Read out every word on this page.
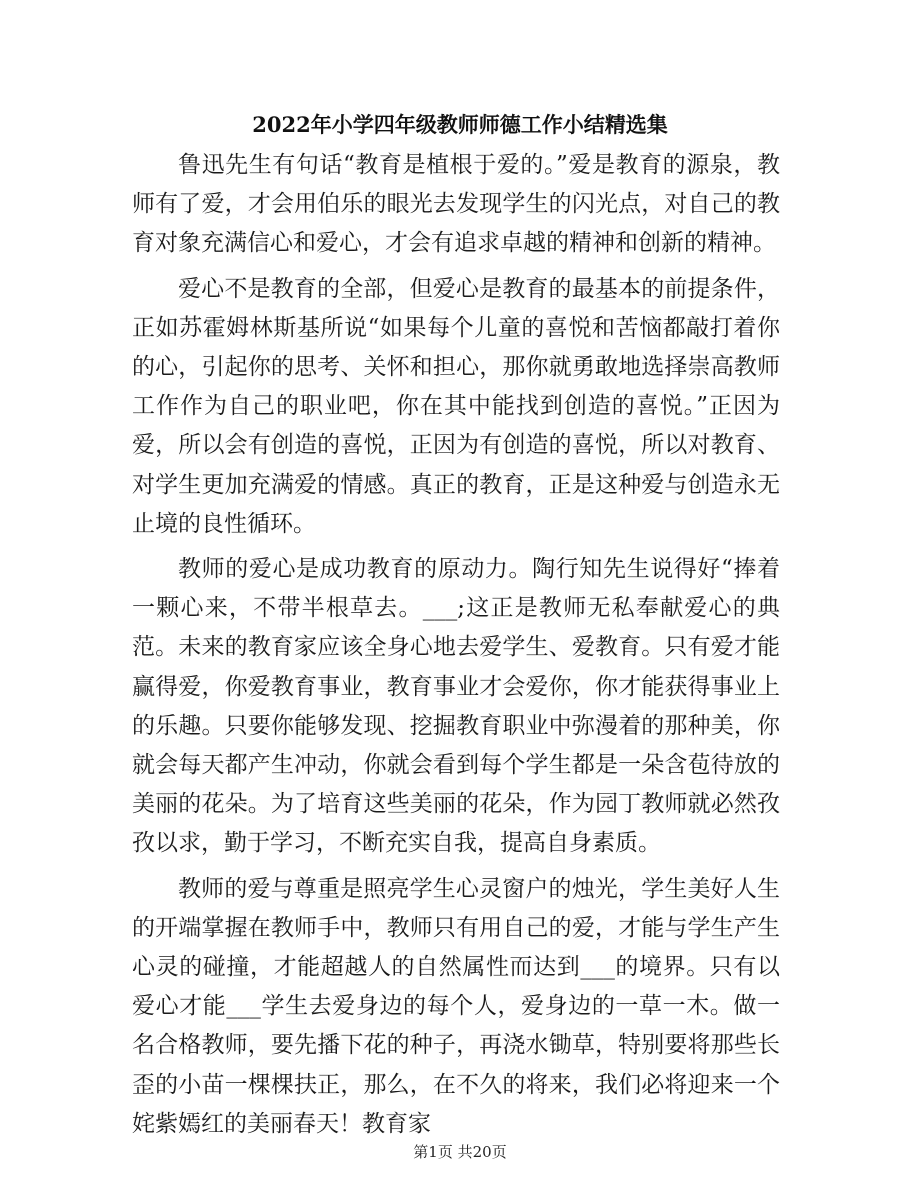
2022年小学四年级教师师德工作小结精选集

鲁迅先生有句话“教育是植根于爱的。”爱是教育的源泉，教师有了爱，才会用伯乐的眼光去发现学生的闪光点，对自己的教育对象充满信心和爱心，才会有追求卓越的精神和创新的精神。

爱心不是教育的全部，但爱心是教育的最基本的前提条件，正如苏霍姆林斯基所说“如果每个儿童的喜悦和苦恼都敲打着你的心，引起你的思考、关怀和担心，那你就勇敢地选择崇高教师工作作为自己的职业吧，你在其中能找到创造的喜悦。”正因为爱，所以会有创造的喜悦，正因为有创造的喜悦，所以对教育、对学生更加充满爱的情感。真正的教育，正是这种爱与创造永无止境的良性循环。

教师的爱心是成功教育的原动力。陶行知先生说得好“捧着一颗心来，不带半根草去。___;这正是教师无私奉献爱心的典范。未来的教育家应该全身心地去爱学生、爱教育。只有爱才能赢得爱，你爱教育事业，教育事业才会爱你，你才能获得事业上的乐趣。只要你能够发现、挖掘教育职业中弥漫着的那种美，你就会每天都产生冲动，你就会看到每个学生都是一朵含苞待放的美丽的花朵。为了培育这些美丽的花朵，作为园丁教师就必然孜孜以求，勤于学习，不断充实自我，提高自身素质。

教师的爱与尊重是照亮学生心灵窗户的烛光，学生美好人生的开端掌握在教师手中，教师只有用自己的爱，才能与学生产生心灵的碰撞，才能超越人的自然属性而达到___的境界。只有以爱心才能___学生去爱身边的每个人，爱身边的一草一木。做一名合格教师，要先播下花的种子，再浇水锄草，特别要将那些长歪的小苗一棵棵扶正，那么，在不久的将来，我们必将迎来一个姹紫嫣红的美丽春天！教育家

第1页 共20页
